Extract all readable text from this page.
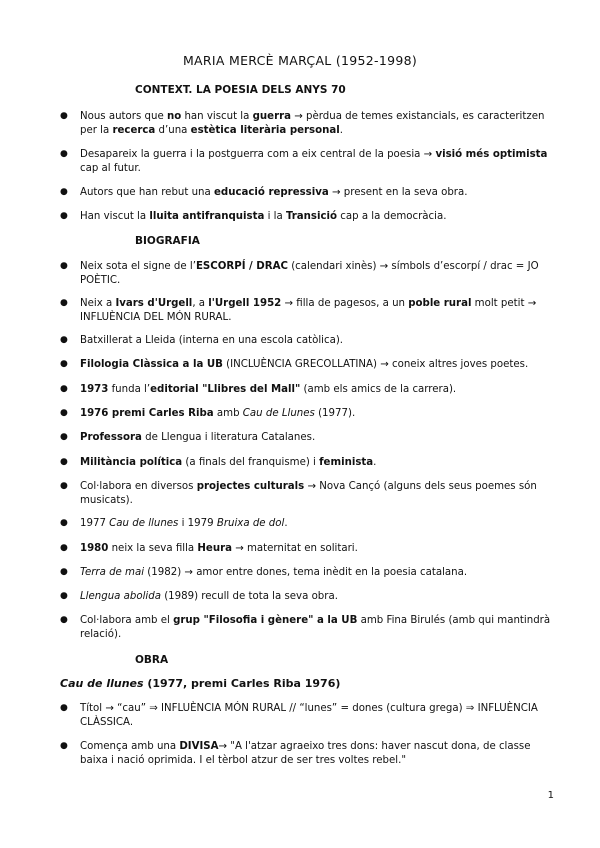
MARIA MERCÈ MARÇAL (1952-1998)
CONTEXT. LA POESIA DELS ANYS 70
● Nous autors que no han viscut la guerra → pèrdua de temes existancials, es caracteritzen per la recerca d’una estètica literària personal.
● Desapareix la guerra i la postguerra com a eix central de la poesia → visió més optimista cap al futur.
● Autors que han rebut una educació repressiva → present en la seva obra.
● Han viscut la lluita antifranquista i la Transició cap a la democràcia.
BIOGRAFIA
● Neix sota el signe de l’ESCORPÍ / DRAC (calendari xinès) → símbols d’escorpí / drac = JO POÈTIC.
● Neix a Ivars d'Urgell, a l'Urgell 1952 → filla de pagesos, a un poble rural molt petit → INFLUÈNCIA DEL MÓN RURAL.
● Batxillerat a Lleida (interna en una escola catòlica).
● Filologia Clàssica a la UB (INCLUÈNCIA GRECOLLATINA) → coneix altres joves poetes.
● 1973 funda l’editorial "Llibres del Mall" (amb els amics de la carrera).
● 1976 premi Carles Riba amb Cau de Llunes (1977).
● Professora de Llengua i literatura Catalanes.
● Militància política (a finals del franquisme) i feminista.
● Col·labora en diversos projectes culturals → Nova Cançó (alguns dels seus poemes són musicats).
● 1977 Cau de llunes i 1979 Bruixa de dol.
● 1980 neix la seva filla Heura → maternitat en solitari.
● Terra de mai (1982) → amor entre dones, tema inèdit en la poesia catalana.
● Llengua abolida (1989) recull de tota la seva obra.
● Col·labora amb el grup "Filosofia i gènere" a la UB amb Fina Birulés (amb qui mantindrà relació).
OBRA
Cau de llunes (1977, premi Carles Riba 1976)
● Títol → “cau” ⇒ INFLUÈNCIA MÓN RURAL // “lunes” = dones (cultura grega) ⇒ INFLUÈNCIA CLÀSSICA.
● Comença amb una DIVISA→ "A l'atzar agraeixo tres dons: haver nascut dona, de classe baixa i nació oprimida. I el tèrbol atzur de ser tres voltes rebel."
1
